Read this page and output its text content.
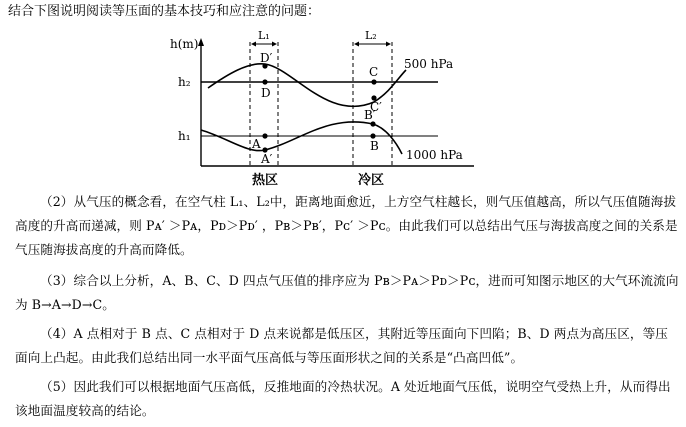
结合下图说明阅读等压面的基本技巧和应注意的问题：
h(m)
h₂
h₁
L₁	L₂
500 hPa
1000 hPa
D′
D
C
C′
A
A′
B′
B
热区	冷区

（2）从气压的概念看，在空气柱 L₁、L₂中，距离地面愈近，上方空气柱越长，则气压值越高，所以气压值随海拔高度的升高而递减，则 Pᴀ′ ＞Pᴀ，Pᴅ＞Pᴅ′ ，Pʙ＞Pʙ′，Pᴄ′ ＞Pᴄ。由此我们可以总结出气压与海拔高度之间的关系是气压随海拔高度的升高而降低。

（3）综合以上分析，A、B、C、D 四点气压值的排序应为 Pʙ＞Pᴀ＞Pᴅ＞Pᴄ，进而可知图示地区的大气环流流向为 B→A→D→C。

（4）A 点相对于 B 点、C 点相对于 D 点来说都是低压区，其附近等压面向下凹陷；B、D 两点为高压区，等压面向上凸起。由此我们总结出同一水平面气压高低与等压面形状之间的关系是“凸高凹低”。

（5）因此我们可以根据地面气压高低，反推地面的冷热状况。A 处近地面气压低，说明空气受热上升，从而得出该地面温度较高的结论。
